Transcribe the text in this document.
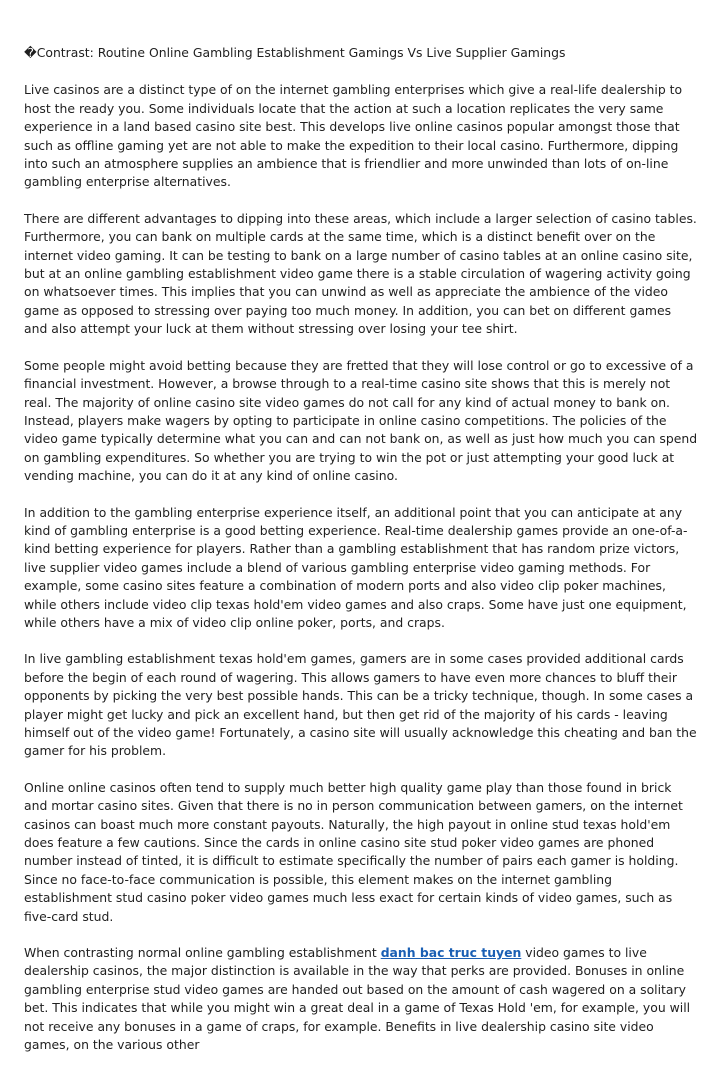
�Contrast: Routine Online Gambling Establishment Gamings Vs Live Supplier Gamings

Live casinos are a distinct type of on the internet gambling enterprises which give a real-life dealership to host the ready you. Some individuals locate that the action at such a location replicates the very same experience in a land based casino site best. This develops live online casinos popular amongst those that such as offline gaming yet are not able to make the expedition to their local casino. Furthermore, dipping into such an atmosphere supplies an ambience that is friendlier and more unwinded than lots of on-line gambling enterprise alternatives.

There are different advantages to dipping into these areas, which include a larger selection of casino tables. Furthermore, you can bank on multiple cards at the same time, which is a distinct benefit over on the internet video gaming. It can be testing to bank on a large number of casino tables at an online casino site, but at an online gambling establishment video game there is a stable circulation of wagering activity going on whatsoever times. This implies that you can unwind as well as appreciate the ambience of the video game as opposed to stressing over paying too much money. In addition, you can bet on different games and also attempt your luck at them without stressing over losing your tee shirt.

Some people might avoid betting because they are fretted that they will lose control or go to excessive of a financial investment. However, a browse through to a real-time casino site shows that this is merely not real. The majority of online casino site video games do not call for any kind of actual money to bank on. Instead, players make wagers by opting to participate in online casino competitions. The policies of the video game typically determine what you can and can not bank on, as well as just how much you can spend on gambling expenditures. So whether you are trying to win the pot or just attempting your good luck at vending machine, you can do it at any kind of online casino.

In addition to the gambling enterprise experience itself, an additional point that you can anticipate at any kind of gambling enterprise is a good betting experience. Real-time dealership games provide an one-of-a-kind betting experience for players. Rather than a gambling establishment that has random prize victors, live supplier video games include a blend of various gambling enterprise video gaming methods. For example, some casino sites feature a combination of modern ports and also video clip poker machines, while others include video clip texas hold'em video games and also craps. Some have just one equipment, while others have a mix of video clip online poker, ports, and craps.

In live gambling establishment texas hold'em games, gamers are in some cases provided additional cards before the begin of each round of wagering. This allows gamers to have even more chances to bluff their opponents by picking the very best possible hands. This can be a tricky technique, though. In some cases a player might get lucky and pick an excellent hand, but then get rid of the majority of his cards - leaving himself out of the video game! Fortunately, a casino site will usually acknowledge this cheating and ban the gamer for his problem.

Online online casinos often tend to supply much better high quality game play than those found in brick and mortar casino sites. Given that there is no in person communication between gamers, on the internet casinos can boast much more constant payouts. Naturally, the high payout in online stud texas hold'em does feature a few cautions. Since the cards in online casino site stud poker video games are phoned number instead of tinted, it is difficult to estimate specifically the number of pairs each gamer is holding. Since no face-to-face communication is possible, this element makes on the internet gambling establishment stud casino poker video games much less exact for certain kinds of video games, such as five-card stud.

When contrasting normal online gambling establishment danh bac truc tuyen video games to live dealership casinos, the major distinction is available in the way that perks are provided. Bonuses in online gambling enterprise stud video games are handed out based on the amount of cash wagered on a solitary bet. This indicates that while you might win a great deal in a game of Texas Hold 'em, for example, you will not receive any bonuses in a game of craps, for example. Benefits in live dealership casino site video games, on the various other
